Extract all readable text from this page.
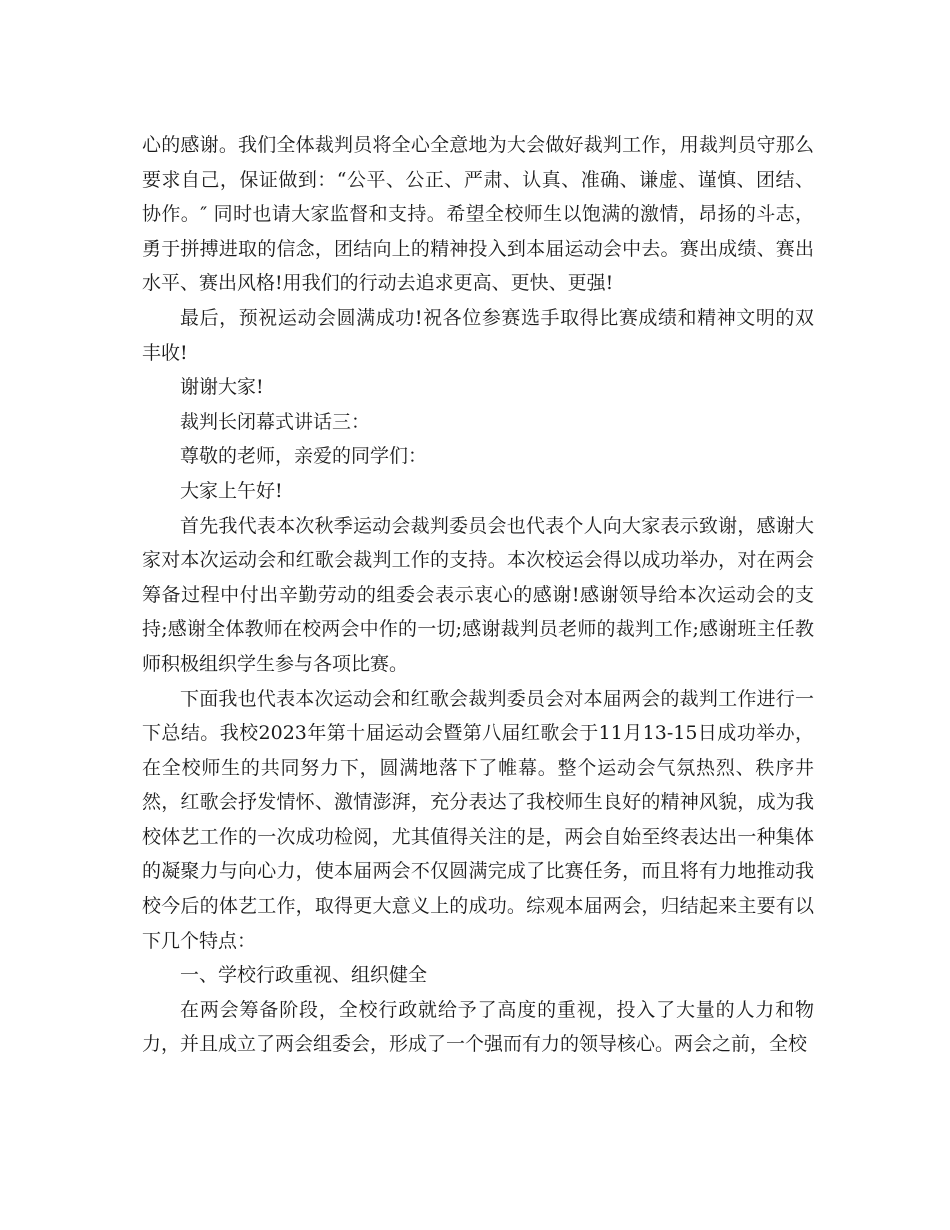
心的感谢。我们全体裁判员将全心全意地为大会做好裁判工作，用裁判员守那么要求自己，保证做到：“公平、公正、严肃、认真、准确、谦虚、谨慎、团结、协作。″ 同时也请大家监督和支持。希望全校师生以饱满的激情，昂扬的斗志，勇于拼搏进取的信念，团结向上的精神投入到本届运动会中去。赛出成绩、赛出水平、赛出风格!用我们的行动去追求更高、更快、更强!

最后，预祝运动会圆满成功!祝各位参赛选手取得比赛成绩和精神文明的双丰收!

谢谢大家!

裁判长闭幕式讲话三：

尊敬的老师，亲爱的同学们：

大家上午好!

首先我代表本次秋季运动会裁判委员会也代表个人向大家表示致谢，感谢大家对本次运动会和红歌会裁判工作的支持。本次校运会得以成功举办，对在两会筹备过程中付出辛勤劳动的组委会表示衷心的感谢!感谢领导给本次运动会的支持;感谢全体教师在校两会中作的一切;感谢裁判员老师的裁判工作;感谢班主任教师积极组织学生参与各项比赛。

下面我也代表本次运动会和红歌会裁判委员会对本届两会的裁判工作进行一下总结。我校2023年第十届运动会暨第八届红歌会于11月13-15日成功举办，在全校师生的共同努力下，圆满地落下了帷幕。整个运动会气氛热烈、秩序井然，红歌会抒发情怀、激情澎湃，充分表达了我校师生良好的精神风貌，成为我校体艺工作的一次成功检阅，尤其值得关注的是，两会自始至终表达出一种集体的凝聚力与向心力，使本届两会不仅圆满完成了比赛任务，而且将有力地推动我校今后的体艺工作，取得更大意义上的成功。综观本届两会，归结起来主要有以下几个特点：

一、学校行政重视、组织健全

在两会筹备阶段，全校行政就给予了高度的重视，投入了大量的人力和物力，并且成立了两会组委会，形成了一个强而有力的领导核心。两会之前，全校
